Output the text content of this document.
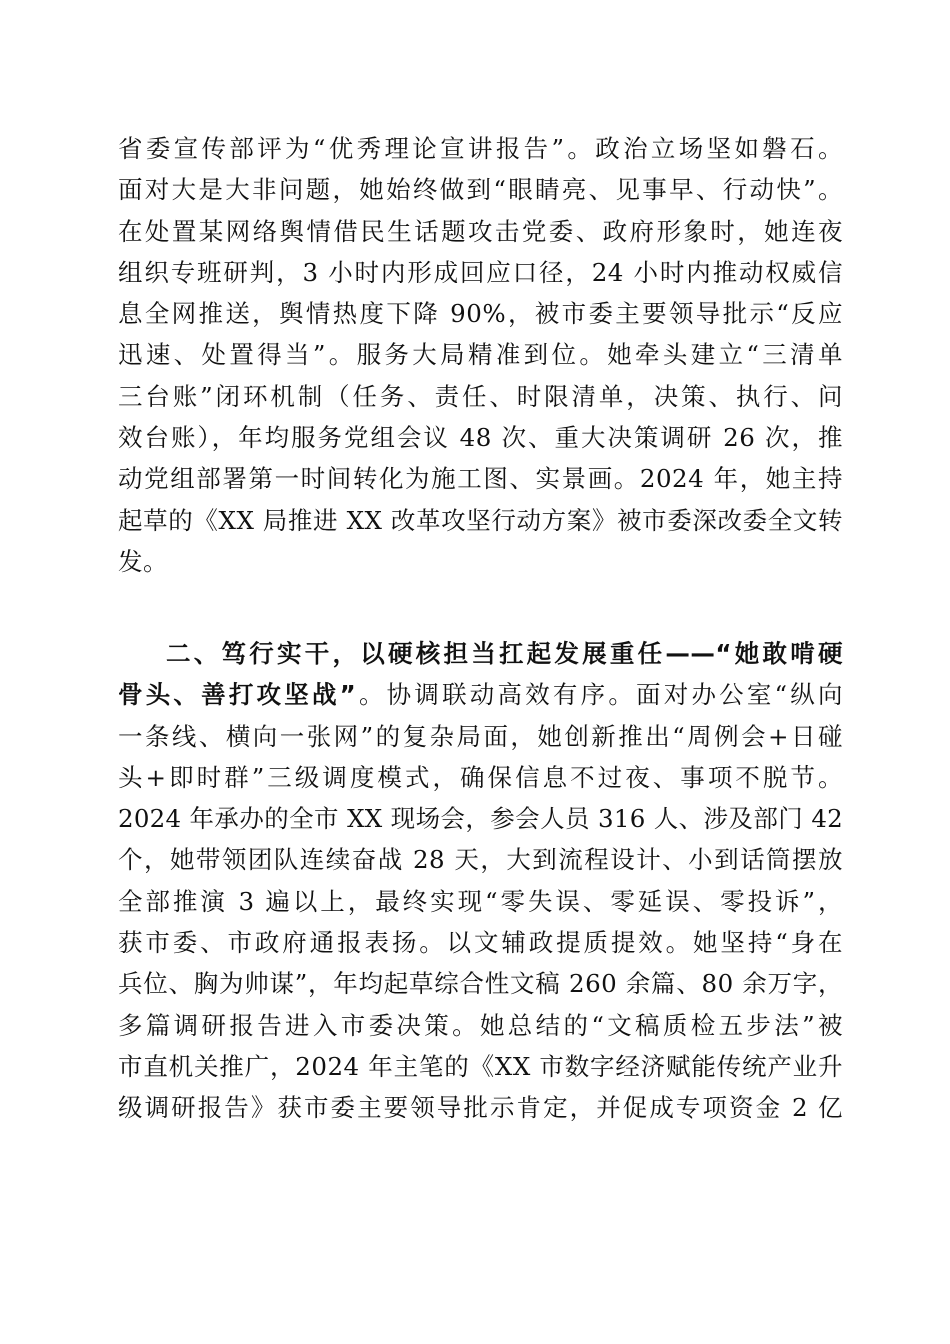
省委宣传部评为“优秀理论宣讲报告”。政治立场坚如磐石。
面对大是大非问题，她始终做到“眼睛亮、见事早、行动快”。
在处置某网络舆情借民生话题攻击党委、政府形象时，她连夜
组织专班研判，3 小时内形成回应口径，24 小时内推动权威信
息全网推送，舆情热度下降 90%，被市委主要领导批示“反应
迅速、处置得当”。服务大局精准到位。她牵头建立“三清单
三台账”闭环机制（任务、责任、时限清单，决策、执行、问
效台账），年均服务党组会议 48 次、重大决策调研 26 次，推
动党组部署第一时间转化为施工图、实景画。2024 年，她主持
起草的《XX 局推进 XX 改革攻坚行动方案》被市委深改委全文转
发。
二、笃行实干，以硬核担当扛起发展重任——“她敢啃硬
骨头、善打攻坚战”。协调联动高效有序。面对办公室“纵向
一条线、横向一张网”的复杂局面，她创新推出“周例会+日碰
头+即时群”三级调度模式，确保信息不过夜、事项不脱节。
2024 年承办的全市 XX 现场会，参会人员 316 人、涉及部门 42
个，她带领团队连续奋战 28 天，大到流程设计、小到话筒摆放
全部推演 3 遍以上，最终实现“零失误、零延误、零投诉”，
获市委、市政府通报表扬。以文辅政提质提效。她坚持“身在
兵位、胸为帅谋”，年均起草综合性文稿 260 余篇、80 余万字，
多篇调研报告进入市委决策。她总结的“文稿质检五步法”被
市直机关推广，2024 年主笔的《XX 市数字经济赋能传统产业升
级调研报告》获市委主要领导批示肯定，并促成专项资金 2 亿
